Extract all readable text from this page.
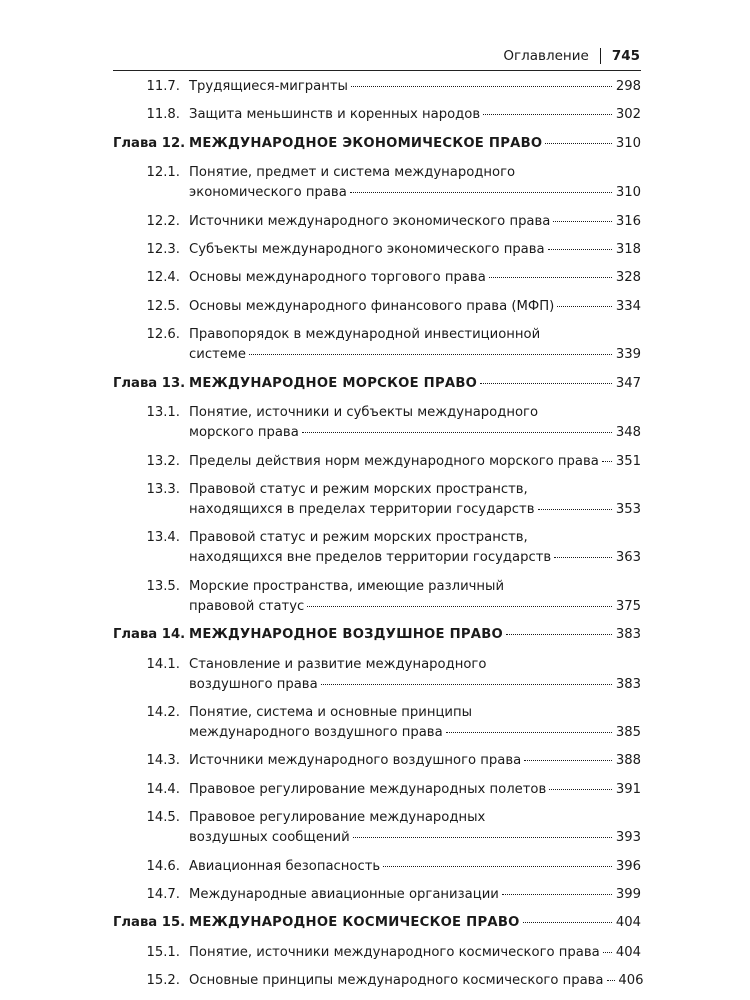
Оглавление 745
11.7. Трудящиеся-мигранты	298
11.8. Защита меньшинств и коренных народов	302
Глава 12. МЕЖДУНАРОДНОЕ ЭКОНОМИЧЕСКОЕ ПРАВО	310
12.1. Понятие, предмет и система международного
экономического права	310
12.2. Источники международного экономического права	316
12.3. Субъекты международного экономического права	318
12.4. Основы международного торгового права	328
12.5. Основы международного финансового права (МФП)	334
12.6. Правопорядок в международной инвестиционной
системе	339
Глава 13. МЕЖДУНАРОДНОЕ МОРСКОЕ ПРАВО	347
13.1. Понятие, источники и субъекты международного
морского права	348
13.2. Пределы действия норм международного морского права 351
13.3. Правовой статус и режим морских пространств,
находящихся в пределах территории государств	353
13.4. Правовой статус и режим морских пространств,
находящихся вне пределов территории государств	363
13.5. Морские пространства, имеющие различный
правовой статус	375
Глава 14. МЕЖДУНАРОДНОЕ ВОЗДУШНОЕ ПРАВО	383
14.1. Становление и развитие международного
воздушного права	383
14.2. Понятие, система и основные принципы
международного воздушного права	385
14.3. Источники международного воздушного права	388
14.4. Правовое регулирование международных полетов	391
14.5. Правовое регулирование международных
воздушных сообщений	393
14.6. Авиационная безопасность	396
14.7. Международные авиационные организации	399
Глава 15. МЕЖДУНАРОДНОЕ КОСМИЧЕСКОЕ ПРАВО	404
15.1. Понятие, источники международного космического права 404
15.2. Основные принципы международного космического права 406
